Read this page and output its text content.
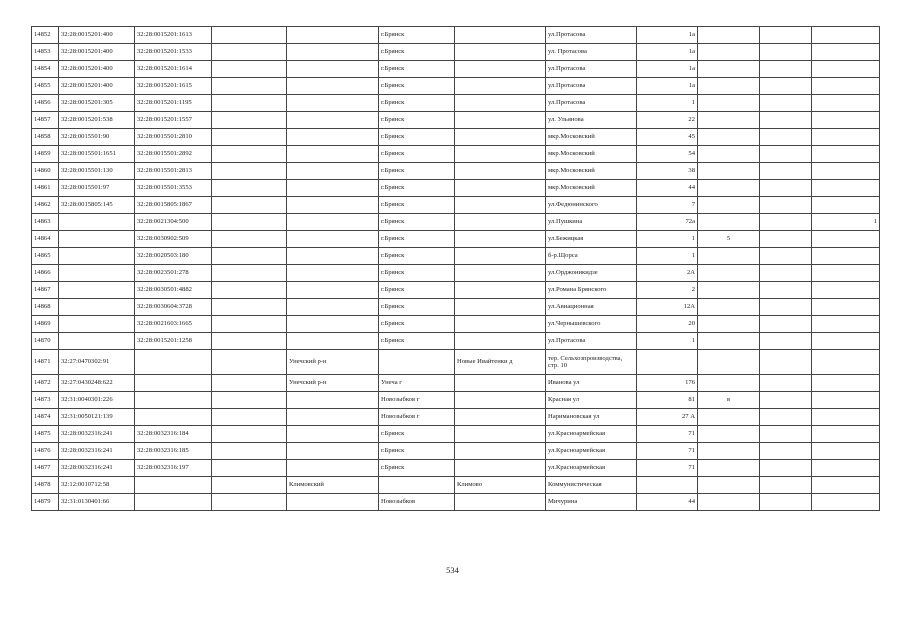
14852	32:28:0015201:400	32:28:0015201:1613			г.Брянск		ул.Протасова	1а			
14853	32:28:0015201:400	32:28:0015201:1533			г.Брянск		ул. Протасова	1а			
14854	32:28:0015201:400	32:28:0015201:1614			г.Брянск		ул.Протасова	1а			
14855	32:28:0015201:400	32:28:0015201:1615			г.Брянск		ул.Протасова	1а			
14856	32:28:0015201:305	32:28:0015201:1195			г.Брянск		ул.Протасова	1			
14857	32:28:0015201:538	32:28:0015201:1557			г.Брянск		ул. Ульянова	22			
14858	32:28:0015501:90	32:28:0015501:2810			г.Брянск		мкр.Московский	45			
14859	32:28:0015501:1651	32:28:0015501:2892			г.Брянск		мкр.Московский	54			
14860	32:28:0015501:130	32:28:0015501:2813			г.Брянск		мкр.Московский	38			
14861	32:28:0015501:97	32:28:0015501:3553			г.Брянск		мкр.Московский	44			
14862	32:28:0015805:145	32:28:0015805:1867			г.Брянск		ул.Федюнинского	7			
14863		32:28:0021304:500			г.Брянск		ул.Пушкина	72а			1
14864		32:28:0030902:509			г.Брянск		ул.Бежицкая	1	5		
14865		32:28:0020503:180			г.Брянск		б-р.Щорса	1			
14866		32:28:0023501:278			г.Брянск		ул.Орджоникидзе	2А			
14867		32:28:0030501:4882			г.Брянск		ул.Романа Брянского	2			
14868		32:28:0030604:3728			г.Брянск		ул.Авиационная	12А			
14869		32:28:0021603:1665			г.Брянск		ул.Чернышевского	20			
14870		32:28:0015201:1258			г.Брянск		ул.Протасова	1			
14871	32:27:0470302:91			Унечский р-н		Новые Ивайтенки д	тер. Сельхозпроизводства, стр. 10				
14872	32:27:0430248:622			Унечский р-н	Унеча г		Иванова ул	176			
14873	32:31:0040301:226				Новозыбков г		Красная ул	81	в		
14874	32:31:0050121:139				Новозыбков г		Наримановская ул	27 А			
14875	32:28:0032316:241	32:28:0032316:184			г.Брянск		ул.Красноармейская	71			
14876	32:28:0032316:241	32:28:0032316:185			г.Брянск		ул.Красноармейская	71			
14877	32:28:0032316:241	32:28:0032316:197			г.Брянск		ул.Красноармейская	71			
14878	32:12:0010712:58			Климовский		Климово	Коммунистическая				
14879	32:31:0130401:66				Новозыбков		Мичурина	44			
534
